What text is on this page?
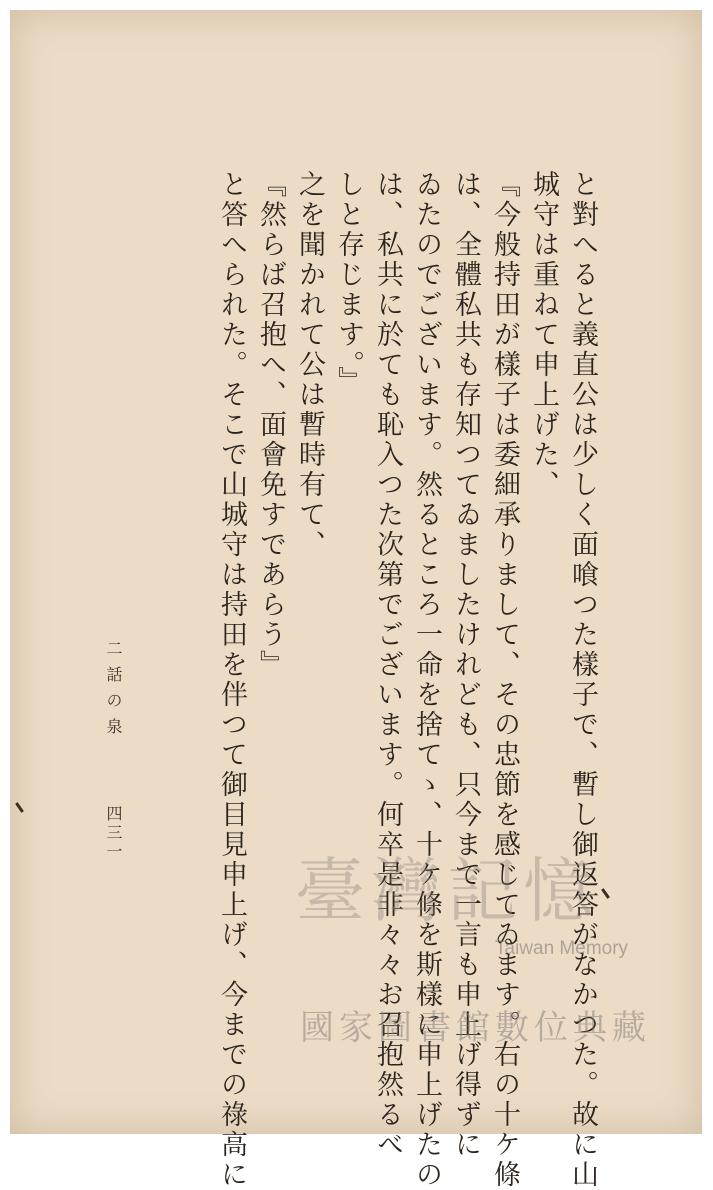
と對へると義直公は少しく面喰つた樣子で、暫し御返答がなかつた。故に山
城守は重ねて申上げた、
『今般持田が樣子は委細承りまして、その忠節を感じてゐます。右の十ケ條
は、全體私共も存知つてゐましたけれども、只今まで一言も申上げ得ずに
ゐたのでございます。然るところ一命を捨てゝ、十ケ條を斯樣に申上げたの
は、私共に於ても恥入つた次第でございます。何卒是非々々お召抱然るべ
しと存じます。』
之を聞かれて公は暫時有て、
『然らば召抱へ、面會免すであらう』
と答へられた。そこで山城守は持田を伴つて御目見申上げ、今までの祿高に
二話の泉
四三一
臺灣記憶
Taiwan Memory
國家圖書館數位典藏
